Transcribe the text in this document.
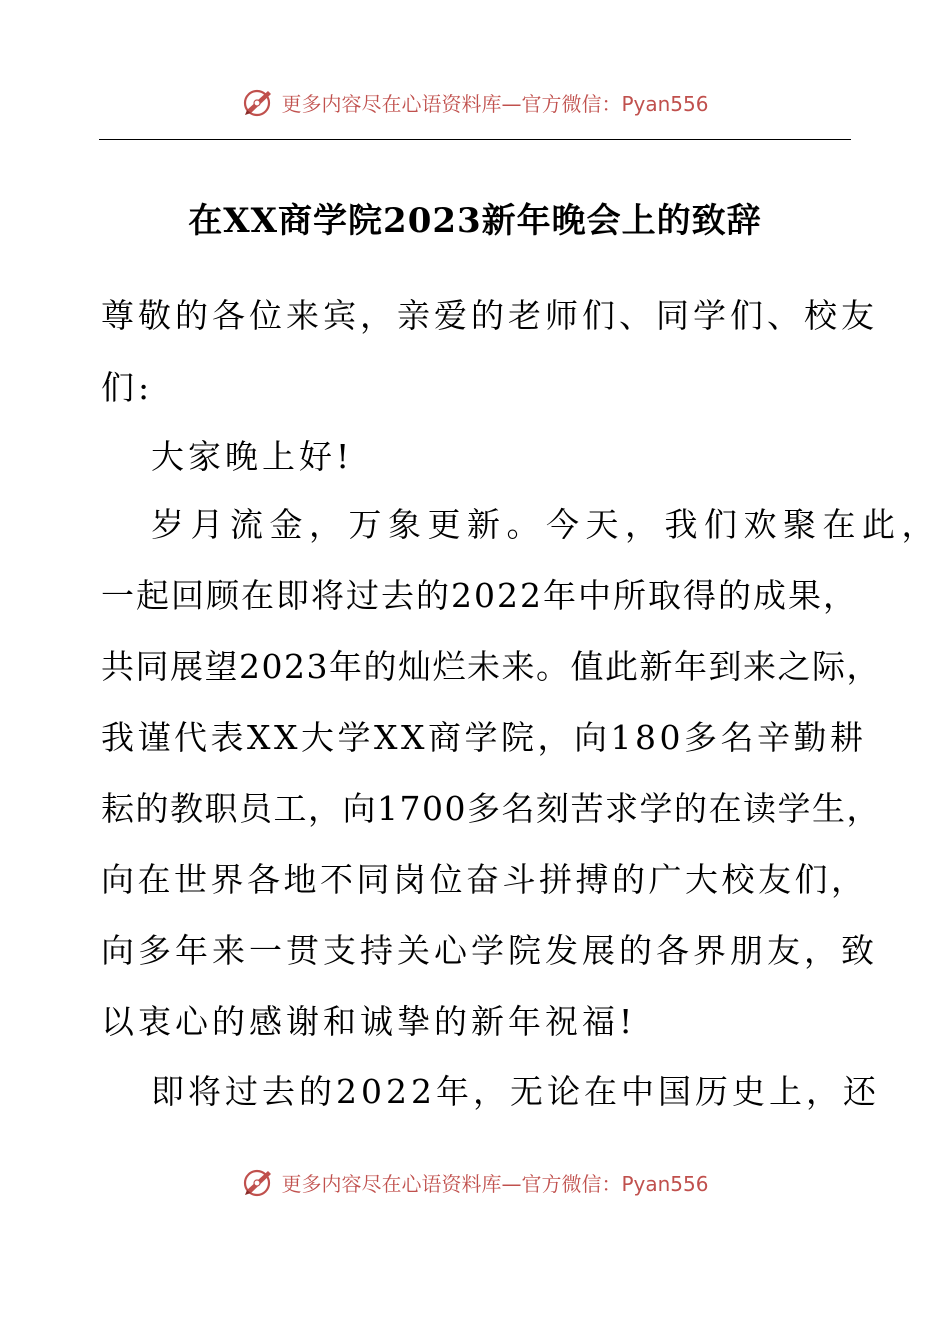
更多内容尽在心语资料库—官方微信：Pyan556
在XX商学院2023新年晚会上的致辞
尊敬的各位来宾，亲爱的老师们、同学们、校友
们:
大家晚上好!
岁月流金，万象更新。今天，我们欢聚在此，
一起回顾在即将过去的2022年中所取得的成果，
共同展望2023年的灿烂未来。值此新年到来之际，
我谨代表XX大学XX商学院，向180多名辛勤耕
耘的教职员工，向1700多名刻苦求学的在读学生，
向在世界各地不同岗位奋斗拼搏的广大校友们，
向多年来一贯支持关心学院发展的各界朋友，致
以衷心的感谢和诚挚的新年祝福!
即将过去的2022年，无论在中国历史上，还
更多内容尽在心语资料库—官方微信：Pyan556
